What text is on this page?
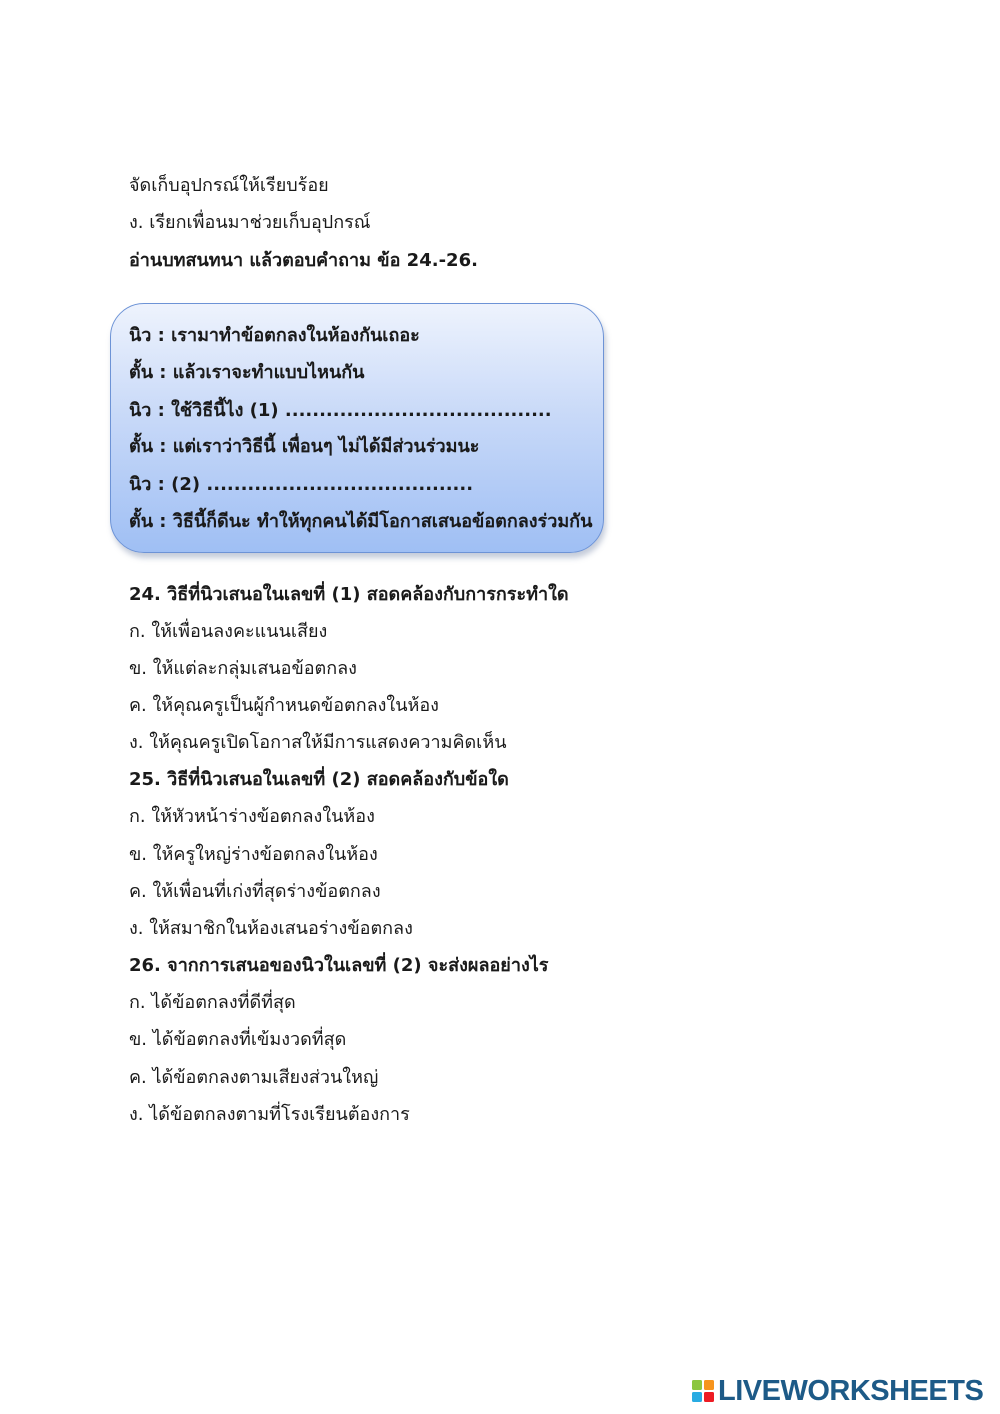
จัดเก็บอุปกรณ์ให้เรียบร้อย
ง. เรียกเพื่อนมาช่วยเก็บอุปกรณ์
อ่านบทสนทนา แล้วตอบคำถาม ข้อ 24.-26.
นิว : เรามาทำข้อตกลงในห้องกันเถอะ
ตั้น : แล้วเราจะทำแบบไหนกัน
นิว : ใช้วิธีนี้ไง (1) .......................................
ตั้น : แต่เราว่าวิธีนี้ เพื่อนๆ ไม่ได้มีส่วนร่วมนะ
นิว : (2) .......................................
ตั้น : วิธีนี้ก็ดีนะ ทำให้ทุกคนได้มีโอกาสเสนอข้อตกลงร่วมกัน
24. วิธีที่นิวเสนอในเลขที่ (1) สอดคล้องกับการกระทำใด
ก. ให้เพื่อนลงคะแนนเสียง
ข. ให้แต่ละกลุ่มเสนอข้อตกลง
ค. ให้คุณครูเป็นผู้กำหนดข้อตกลงในห้อง
ง. ให้คุณครูเปิดโอกาสให้มีการแสดงความคิดเห็น
25. วิธีที่นิวเสนอในเลขที่ (2) สอดคล้องกับข้อใด
ก. ให้หัวหน้าร่างข้อตกลงในห้อง
ข. ให้ครูใหญ่ร่างข้อตกลงในห้อง
ค. ให้เพื่อนที่เก่งที่สุดร่างข้อตกลง
ง. ให้สมาชิกในห้องเสนอร่างข้อตกลง
26. จากการเสนอของนิวในเลขที่ (2) จะส่งผลอย่างไร
ก. ได้ข้อตกลงที่ดีที่สุด
ข. ได้ข้อตกลงที่เข้มงวดที่สุด
ค. ได้ข้อตกลงตามเสียงส่วนใหญ่
ง. ได้ข้อตกลงตามที่โรงเรียนต้องการ
LIVEWORKSHEETS
